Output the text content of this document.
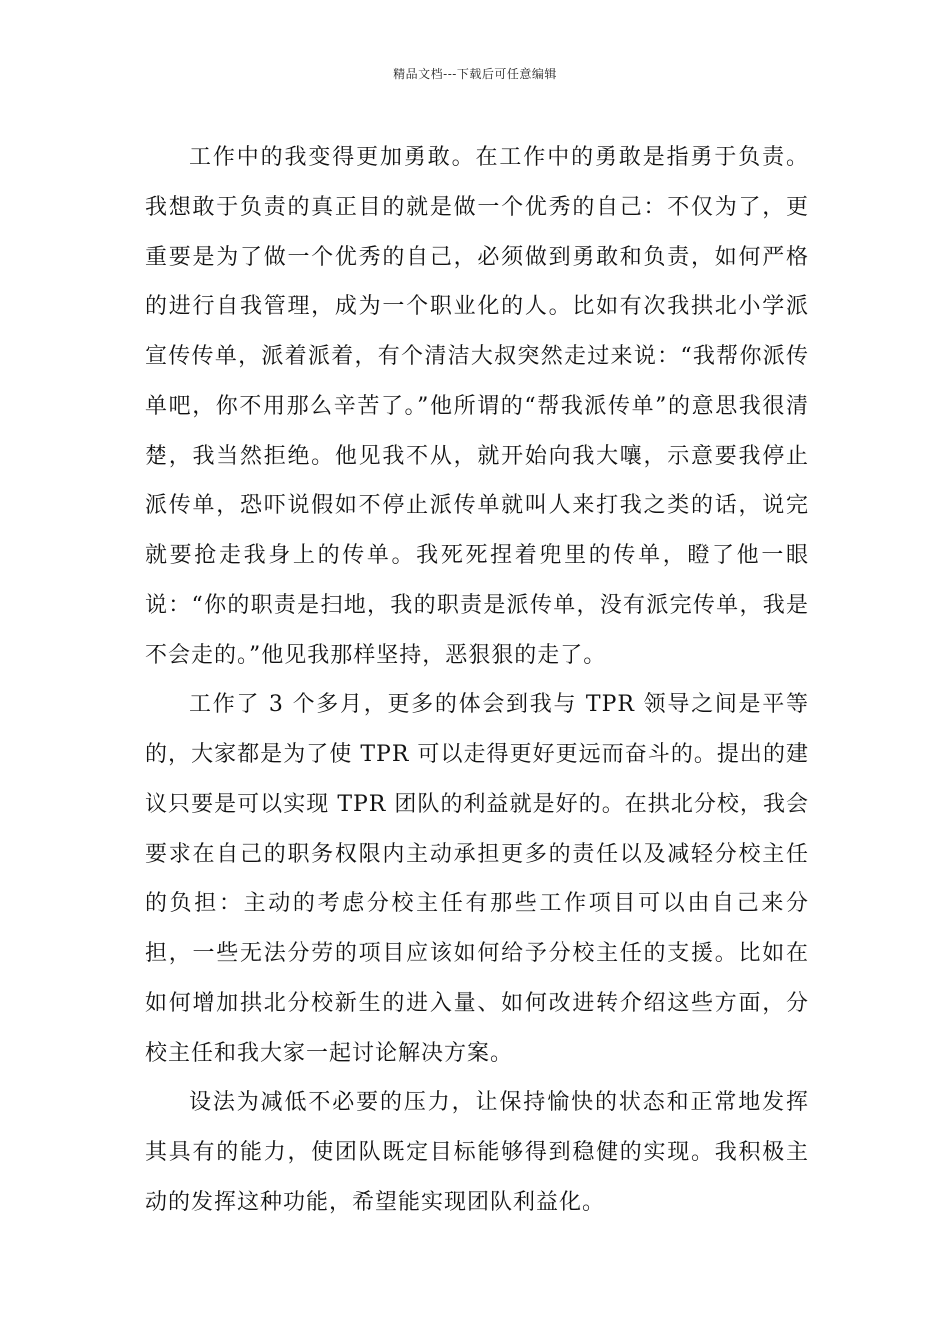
精品文档---下载后可任意编辑

工作中的我变得更加勇敢。在工作中的勇敢是指勇于负责。我想敢于负责的真正目的就是做一个优秀的自己：不仅为了，更重要是为了做一个优秀的自己，必须做到勇敢和负责，如何严格的进行自我管理，成为一个职业化的人。比如有次我拱北小学派宣传传单，派着派着，有个清洁大叔突然走过来说：“我帮你派传单吧，你不用那么辛苦了。”他所谓的“帮我派传单”的意思我很清楚，我当然拒绝。他见我不从，就开始向我大嚷，示意要我停止派传单，恐吓说假如不停止派传单就叫人来打我之类的话，说完就要抢走我身上的传单。我死死捏着兜里的传单，瞪了他一眼说：“你的职责是扫地，我的职责是派传单，没有派完传单，我是不会走的。”他见我那样坚持，恶狠狠的走了。

工作了 3 个多月，更多的体会到我与 TPR 领导之间是平等的，大家都是为了使 TPR 可以走得更好更远而奋斗的。提出的建议只要是可以实现 TPR 团队的利益就是好的。在拱北分校，我会要求在自己的职务权限内主动承担更多的责任以及减轻分校主任的负担：主动的考虑分校主任有那些工作项目可以由自己来分担，一些无法分劳的项目应该如何给予分校主任的支援。比如在如何增加拱北分校新生的进入量、如何改进转介绍这些方面，分校主任和我大家一起讨论解决方案。

设法为减低不必要的压力，让保持愉快的状态和正常地发挥其具有的能力，使团队既定目标能够得到稳健的实现。我积极主动的发挥这种功能，希望能实现团队利益化。
